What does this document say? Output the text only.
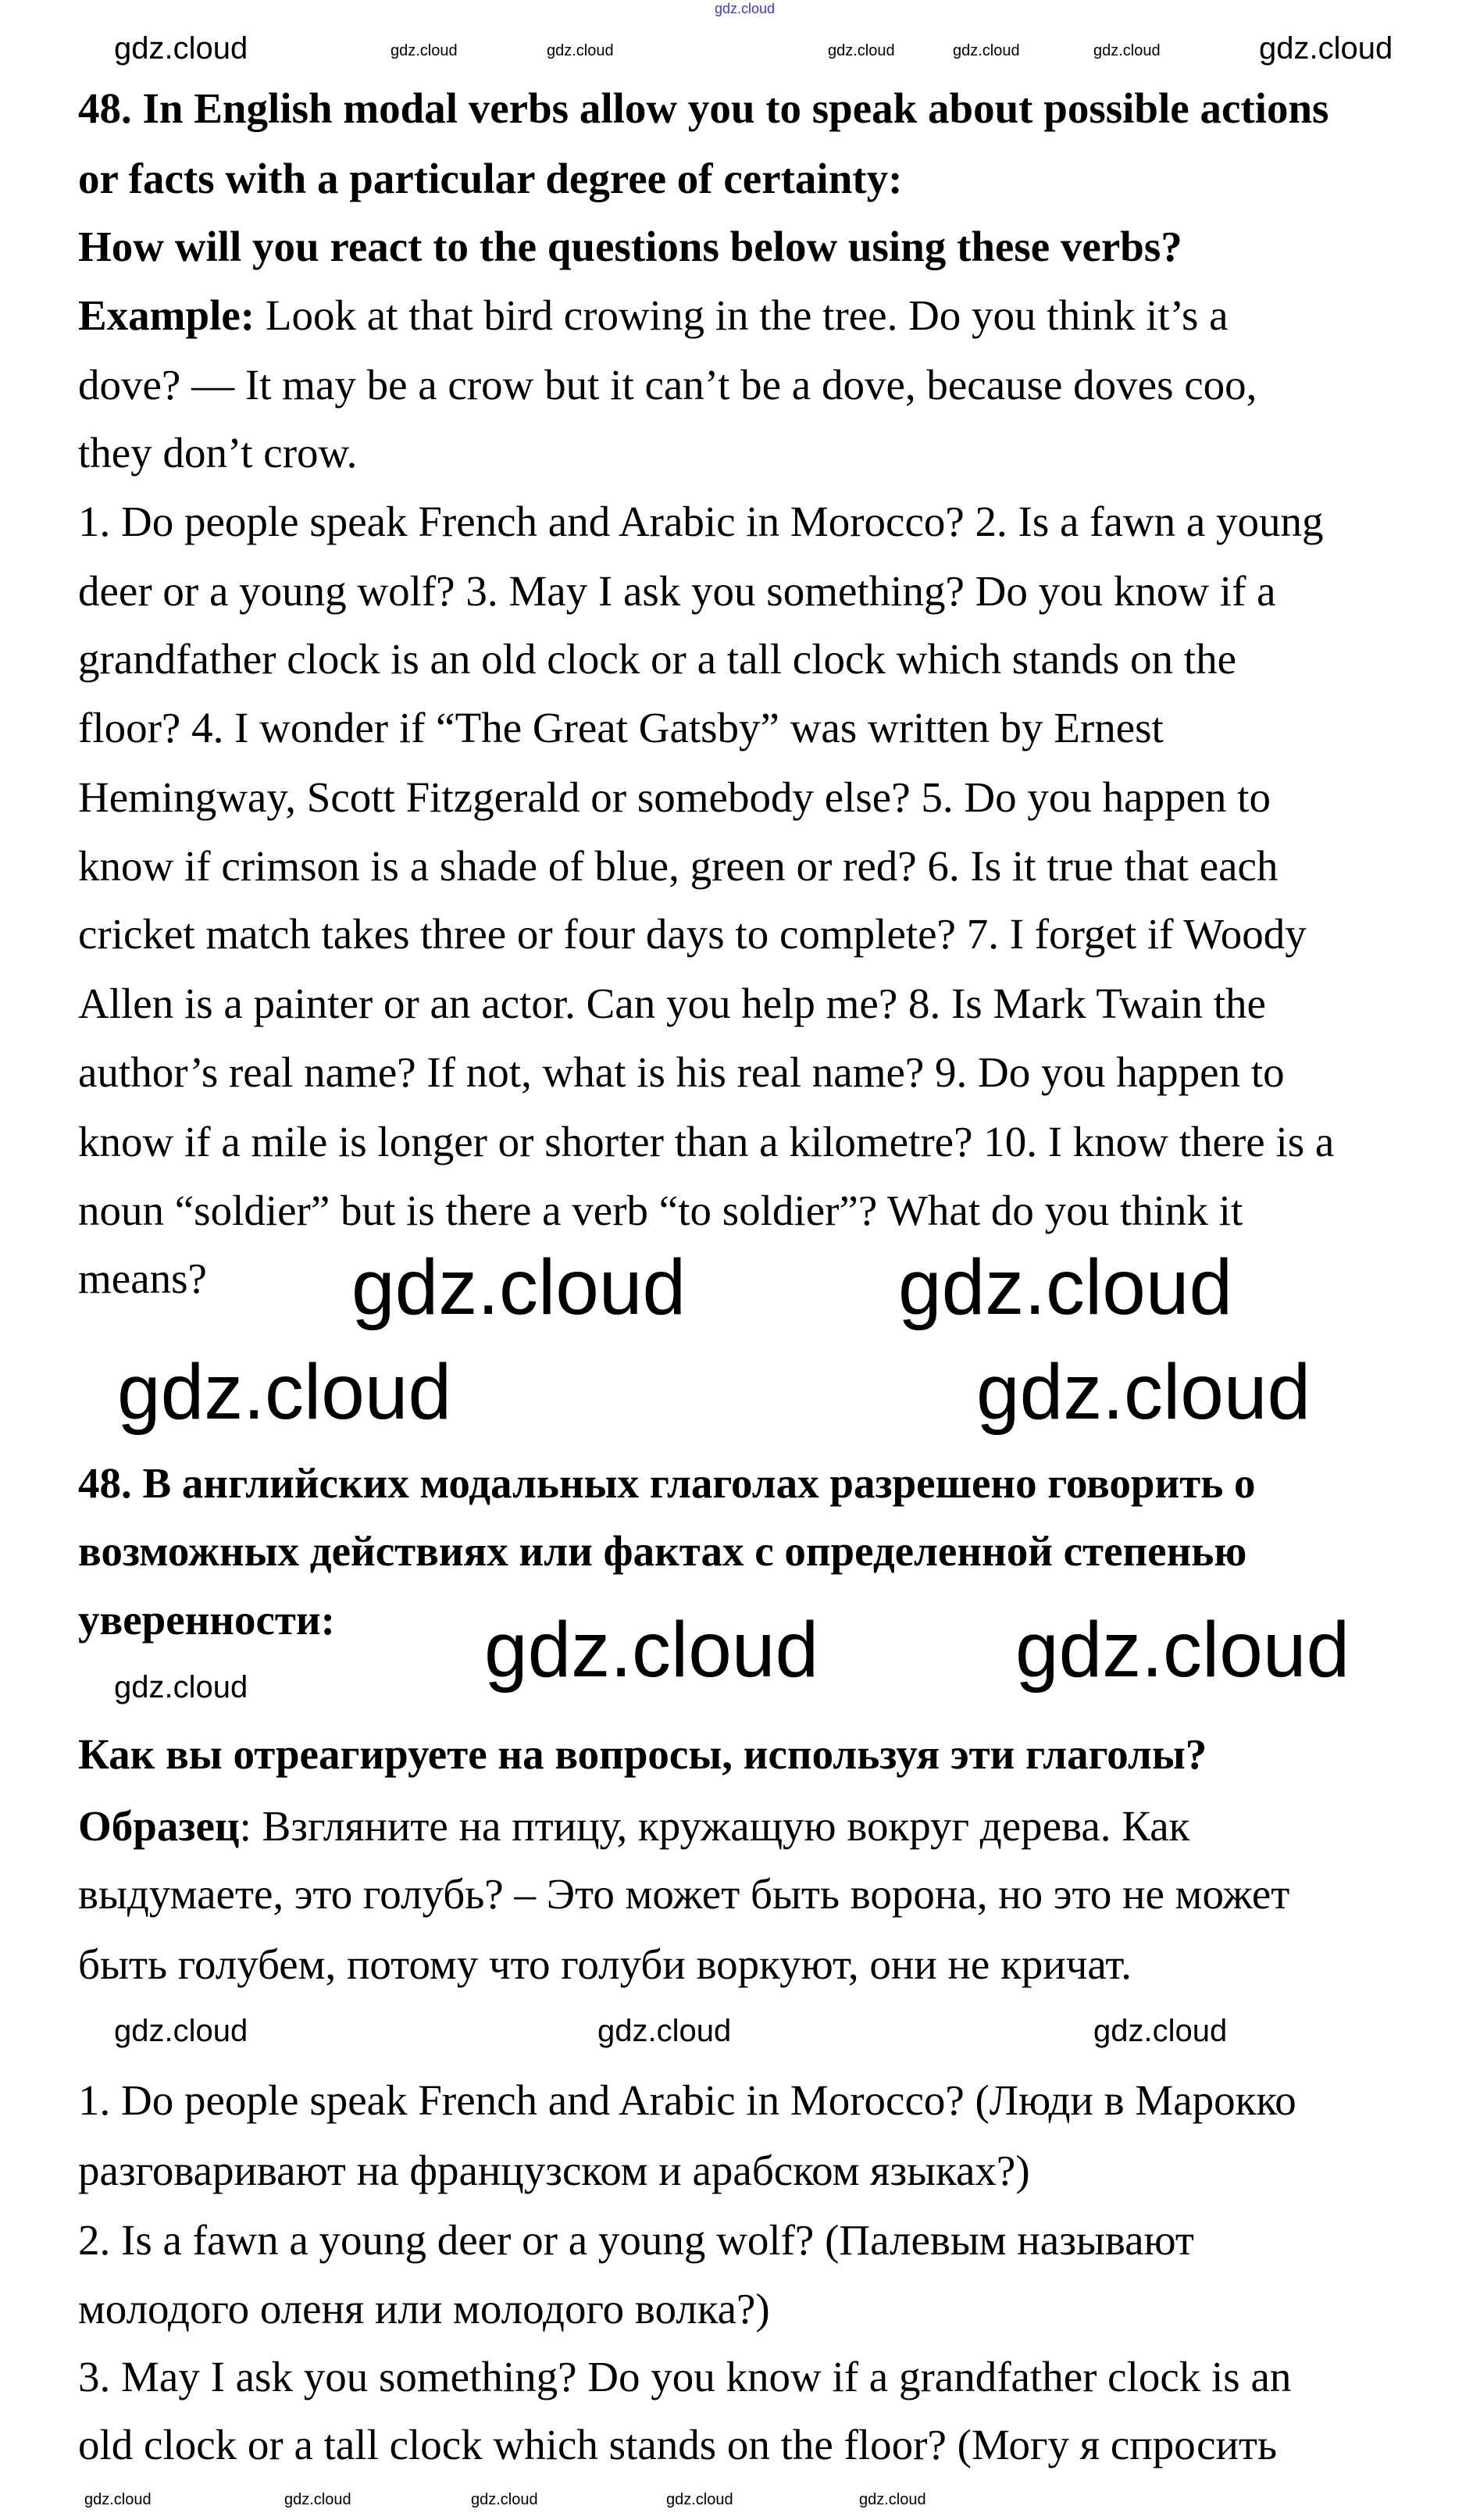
gdz.cloud
48. In English modal verbs allow you to speak about possible actions
or facts with a particular degree of certainty:
How will you react to the questions below using these verbs?
Example: Look at that bird crowing in the tree. Do you think it’s a
dove? — It may be a crow but it can’t be a dove, because doves coo,
they don’t crow.
1. Do people speak French and Arabic in Morocco? 2. Is a fawn a young
deer or a young wolf? 3. May I ask you something? Do you know if a
grandfather clock is an old clock or a tall clock which stands on the
floor? 4. I wonder if “The Great Gatsby” was written by Ernest
Hemingway, Scott Fitzgerald or somebody else? 5. Do you happen to
know if crimson is a shade of blue, green or red? 6. Is it true that each
cricket match takes three or four days to complete? 7. I forget if Woody
Allen is a painter or an actor. Can you help me? 8. Is Mark Twain the
author’s real name? If not, what is his real name? 9. Do you happen to
know if a mile is longer or shorter than a kilometre? 10. I know there is a
noun “soldier” but is there a verb “to soldier”? What do you think it
means?
48. В английских модальных глаголах разрешено говорить о
возможных действиях или фактах с определенной степенью
уверенности:
Как вы отреагируете на вопросы, используя эти глаголы?
Образец: Взгляните на птицу, кружащую вокруг дерева. Как
выдумаете, это голубь? – Это может быть ворона, но это не может
быть голубем, потому что голуби воркуют, они не кричат.
1. Do people speak French and Arabic in Morocco? (Люди в Марокко
разговаривают на французском и арабском языках?)
2. Is a fawn a young deer or a young wolf? (Палевым называют
молодого оленя или молодого волка?)
3. May I ask you something? Do you know if a grandfather clock is an
old clock or a tall clock which stands on the floor? (Могу я спросить
gdz.cloud	gdz.cloud
gdz.cloud	gdz.cloud
gdz.cloud	gdz.cloud
gdz.cloud	gdz.cloud
gdz.cloud
gdz.cloud	gdz.cloud	gdz.cloud
gdz.cloud	gdz.cloud	gdz.cloud	gdz.cloud	gdz.cloud
gdz.cloud	gdz.cloud	gdz.cloud	gdz.cloud	gdz.cloud
